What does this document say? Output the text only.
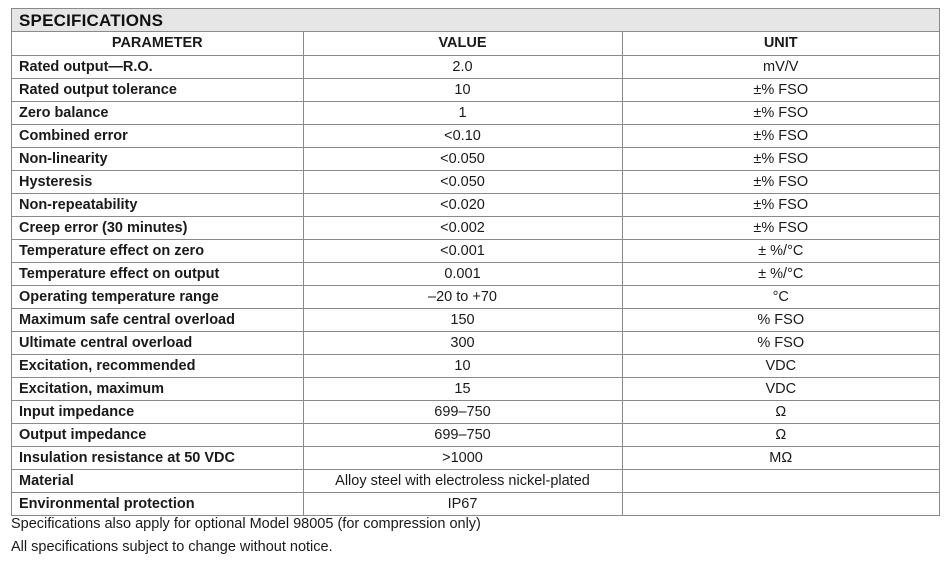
SPECIFICATIONS
PARAMETER	VALUE	UNIT
Rated output—R.O.	2.0	mV/V
Rated output tolerance	10	±% FSO
Zero balance	1	±% FSO
Combined error	<0.10	±% FSO
Non-linearity	<0.050	±% FSO
Hysteresis	<0.050	±% FSO
Non-repeatability	<0.020	±% FSO
Creep error (30 minutes)	<0.002	±% FSO
Temperature effect on zero	<0.001	± %/°C
Temperature effect on output	0.001	± %/°C
Operating temperature range	–20 to +70	°C
Maximum safe central overload	150	% FSO
Ultimate central overload	300	% FSO
Excitation, recommended	10	VDC
Excitation, maximum	15	VDC
Input impedance	699–750	Ω
Output impedance	699–750	Ω
Insulation resistance at 50 VDC	>1000	MΩ
Material	Alloy steel with electroless nickel-plated	
Environmental protection	IP67	
Specifications also apply for optional Model 98005 (for compression only)
All specifications subject to change without notice.
